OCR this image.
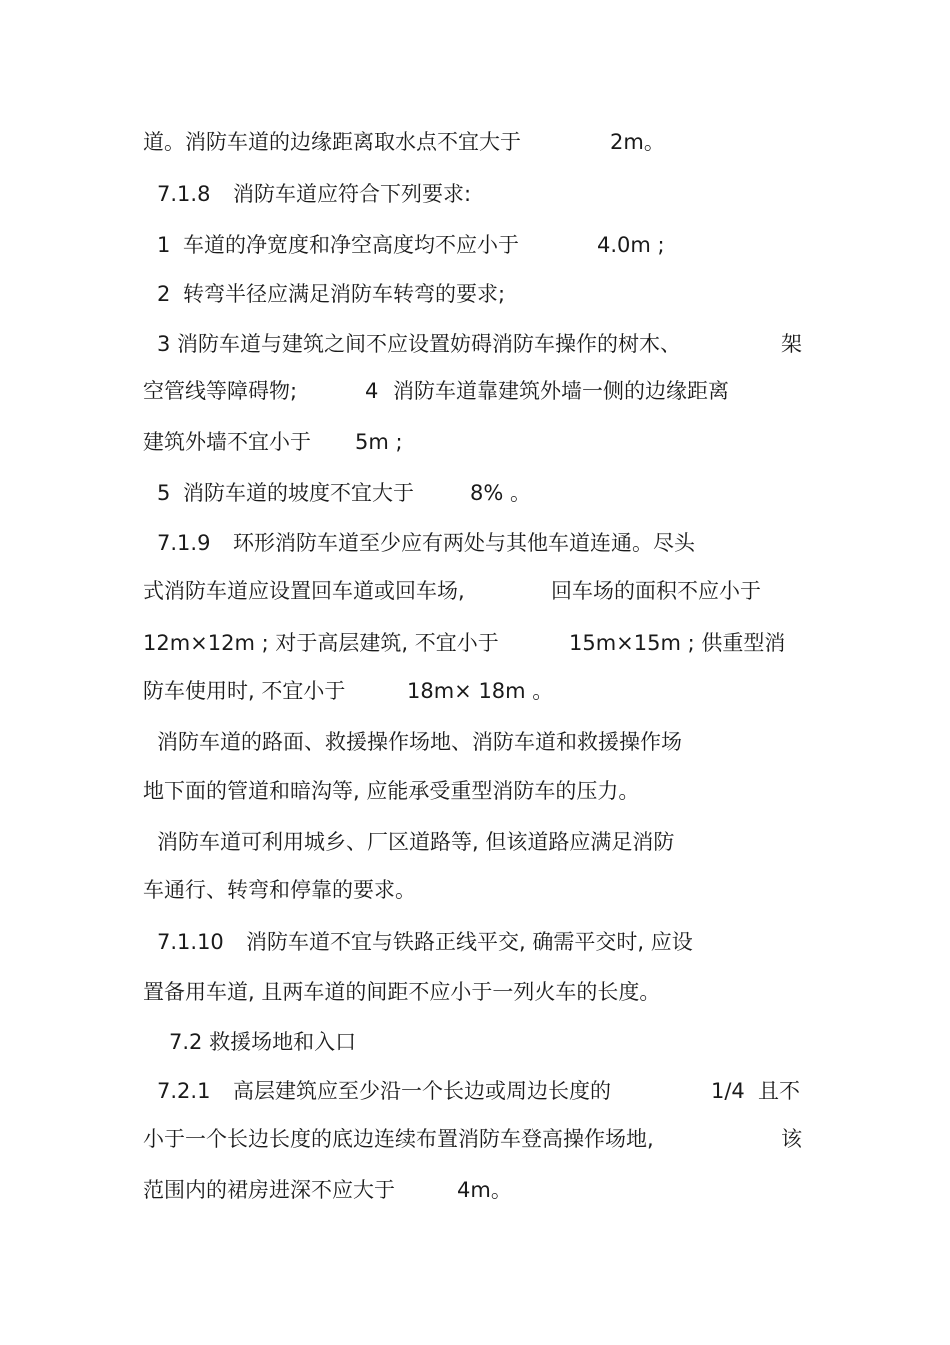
道。消防车道的边缘距离取水点不宜大于	2m。
7.1.8 消防车道应符合下列要求:
1 车道的净宽度和净空高度均不应小于	4.0m ;
2 转弯半径应满足消防车转弯的要求;
3 消防车道与建筑之间不应设置妨碍消防车操作的树木、	架
空管线等障碍物;	4 消防车道靠建筑外墙一侧的边缘距离
建筑外墙不宜小于 5m ;
5 消防车道的坡度不宜大于	8% 。
7.1.9 环形消防车道至少应有两处与其他车道连通。尽头
式消防车道应设置回车道或回车场,	回车场的面积不应小于
12m×12m ; 对于高层建筑, 不宜小于	15m×15m ; 供重型消
防车使用时, 不宜小于	18m× 18m 。
消防车道的路面、救援操作场地、消防车道和救援操作场
地下面的管道和暗沟等, 应能承受重型消防车的压力。
消防车道可利用城乡、厂区道路等, 但该道路应满足消防
车通行、转弯和停靠的要求。
7.1.10 消防车道不宜与铁路正线平交, 确需平交时, 应设
置备用车道, 且两车道的间距不应小于一列火车的长度。
7.2 救援场地和入口
7.2.1 高层建筑应至少沿一个长边或周边长度的	1/4 且不
小于一个长边长度的底边连续布置消防车登高操作场地,	该
范围内的裙房进深不应大于	4m。
